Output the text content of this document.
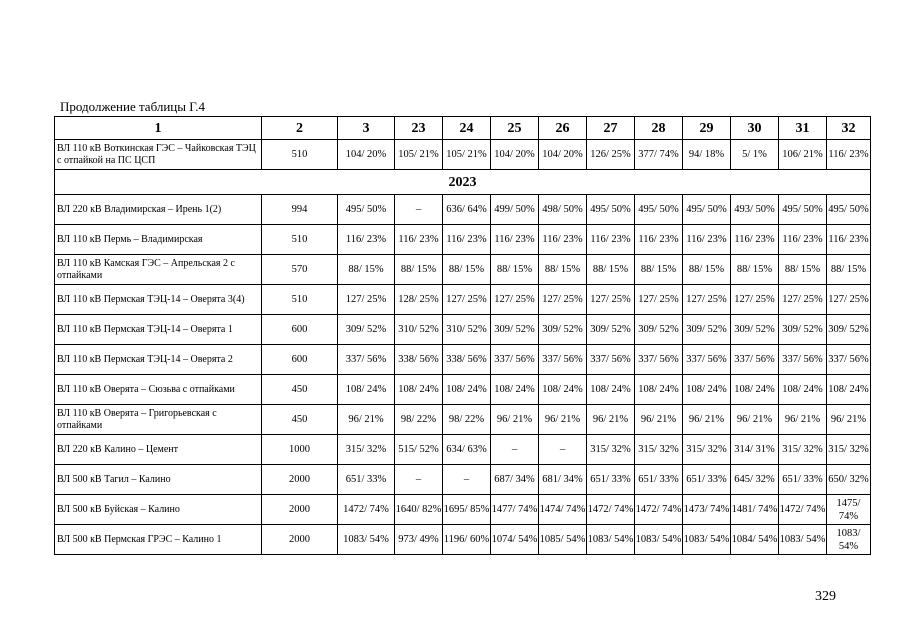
Продолжение таблицы Г.4
1	2	3	23	24	25	26	27	28	29	30	31	32
ВЛ 110 кВ Воткинская ГЭС – Чайковская ТЭЦ с отпайкой на ПС ЦСП	510	104/ 20%	105/ 21%	105/ 21%	104/ 20%	104/ 20%	126/ 25%	377/ 74%	94/ 18%	5/ 1%	106/ 21%	116/ 23%
2023												
ВЛ 220 кВ Владимирская – Ирень 1(2)	994	495/ 50%	–	636/ 64%	499/ 50%	498/ 50%	495/ 50%	495/ 50%	495/ 50%	493/ 50%	495/ 50%	495/ 50%
ВЛ 110 кВ Пермь – Владимирская	510	116/ 23%	116/ 23%	116/ 23%	116/ 23%	116/ 23%	116/ 23%	116/ 23%	116/ 23%	116/ 23%	116/ 23%	116/ 23%
ВЛ 110 кВ Камская ГЭС – Апрельская 2 с отпайками	570	88/ 15%	88/ 15%	88/ 15%	88/ 15%	88/ 15%	88/ 15%	88/ 15%	88/ 15%	88/ 15%	88/ 15%	88/ 15%
ВЛ 110 кВ Пермская ТЭЦ-14 – Оверята 3(4)	510	127/ 25%	128/ 25%	127/ 25%	127/ 25%	127/ 25%	127/ 25%	127/ 25%	127/ 25%	127/ 25%	127/ 25%	127/ 25%
ВЛ 110 кВ Пермская ТЭЦ-14 – Оверята 1	600	309/ 52%	310/ 52%	310/ 52%	309/ 52%	309/ 52%	309/ 52%	309/ 52%	309/ 52%	309/ 52%	309/ 52%	309/ 52%
ВЛ 110 кВ Пермская ТЭЦ-14 – Оверята 2	600	337/ 56%	338/ 56%	338/ 56%	337/ 56%	337/ 56%	337/ 56%	337/ 56%	337/ 56%	337/ 56%	337/ 56%	337/ 56%
ВЛ 110 кВ Оверята – Сюзьва с отпайками	450	108/ 24%	108/ 24%	108/ 24%	108/ 24%	108/ 24%	108/ 24%	108/ 24%	108/ 24%	108/ 24%	108/ 24%	108/ 24%
ВЛ 110 кВ Оверята – Григорьевская с отпайками	450	96/ 21%	98/ 22%	98/ 22%	96/ 21%	96/ 21%	96/ 21%	96/ 21%	96/ 21%	96/ 21%	96/ 21%	96/ 21%
ВЛ 220 кВ Калино – Цемент	1000	315/ 32%	515/ 52%	634/ 63%	–	–	315/ 32%	315/ 32%	315/ 32%	314/ 31%	315/ 32%	315/ 32%
ВЛ 500 кВ Тагил – Калино	2000	651/ 33%	–	–	687/ 34%	681/ 34%	651/ 33%	651/ 33%	651/ 33%	645/ 32%	651/ 33%	650/ 32%
ВЛ 500 кВ Буйская – Калино	2000	1472/ 74%	1640/ 82%	1695/ 85%	1477/ 74%	1474/ 74%	1472/ 74%	1472/ 74%	1473/ 74%	1481/ 74%	1472/ 74%	1475/ 74%
ВЛ 500 кВ Пермская ГРЭС – Калино 1	2000	1083/ 54%	973/ 49%	1196/ 60%	1074/ 54%	1085/ 54%	1083/ 54%	1083/ 54%	1083/ 54%	1084/ 54%	1083/ 54%	1083/ 54%
329
